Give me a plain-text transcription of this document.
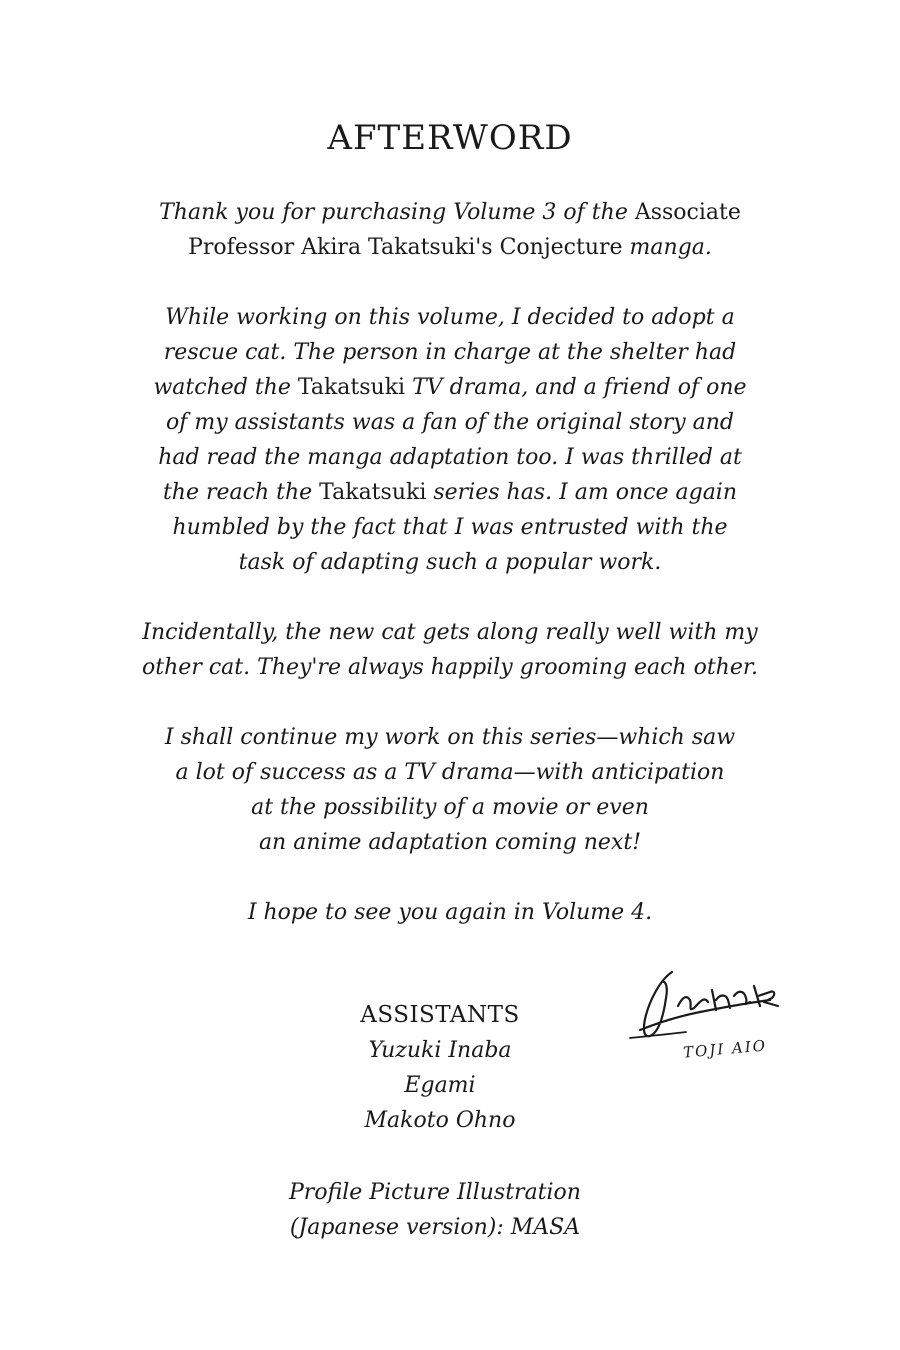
AFTERWORD
Thank you for purchasing Volume 3 of the Associate
Professor Akira Takatsuki's Conjecture manga.
While working on this volume, I decided to adopt a
rescue cat. The person in charge at the shelter had
watched the Takatsuki TV drama, and a friend of one
of my assistants was a fan of the original story and
had read the manga adaptation too. I was thrilled at
the reach the Takatsuki series has. I am once again
humbled by the fact that I was entrusted with the
task of adapting such a popular work.
Incidentally, the new cat gets along really well with my
other cat. They're always happily grooming each other.
I shall continue my work on this series—which saw
a lot of success as a TV drama—with anticipation
at the possibility of a movie or even
an anime adaptation coming next!
I hope to see you again in Volume 4.
ASSISTANTS
Yuzuki Inaba
Egami
Makoto Ohno
TOJI AIO
Profile Picture Illustration
(Japanese version): MASA
